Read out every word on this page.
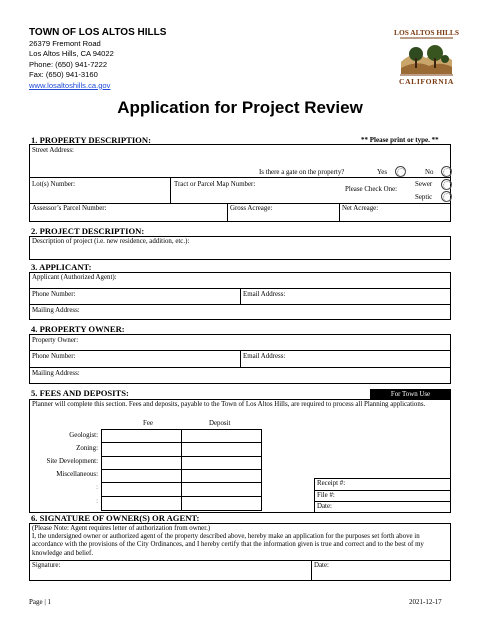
TOWN OF LOS ALTOS HILLS
26379 Fremont Road
Los Altos Hills, CA 94022
Phone: (650) 941-7222
Fax: (650) 941-3160
www.losaltoshills.ca.gov
LOS ALTOS HILLS
CALIFORNIA
Application for Project Review
1. PROPERTY DESCRIPTION:	** Please print or type. **
Street Address:
Is there a gate on the property?	Yes	No
Lot(s) Number:	Tract or Parcel Map Number:
Please Check One:
Sewer
Septic
Assessor’s Parcel Number:	Gross Acreage:	Net Acreage:
2. PROJECT DESCRIPTION:
Description of project (i.e. new residence, addition, etc.):
3. APPLICANT:
Applicant (Authorized Agent):
Phone Number:	Email Address:
Mailing Address:
4. PROPERTY OWNER:
Property Owner:
Phone Number:	Email Address:
Mailing Address:
5. FEES AND DEPOSITS:	For Town Use
Planner will complete this section. Fees and deposits, payable to the Town of Los Altos Hills, are required to process all Planning applications.
Fee	Deposit
Geologist:
Zoning:
Site Development:
Miscellaneous:
:
:
Receipt #:
File #:
Date:
6. SIGNATURE OF OWNER(S) OR AGENT:
(Please Note: Agent requires letter of authorization from owner.)
I, the undersigned owner or authorized agent of the property described above, hereby make an application for the purposes set forth above in accordance with the provisions of the City Ordinances, and I hereby certify that the information given is true and correct and to the best of my knowledge and belief.
Signature:	Date:
Page | 1	2021-12-17
